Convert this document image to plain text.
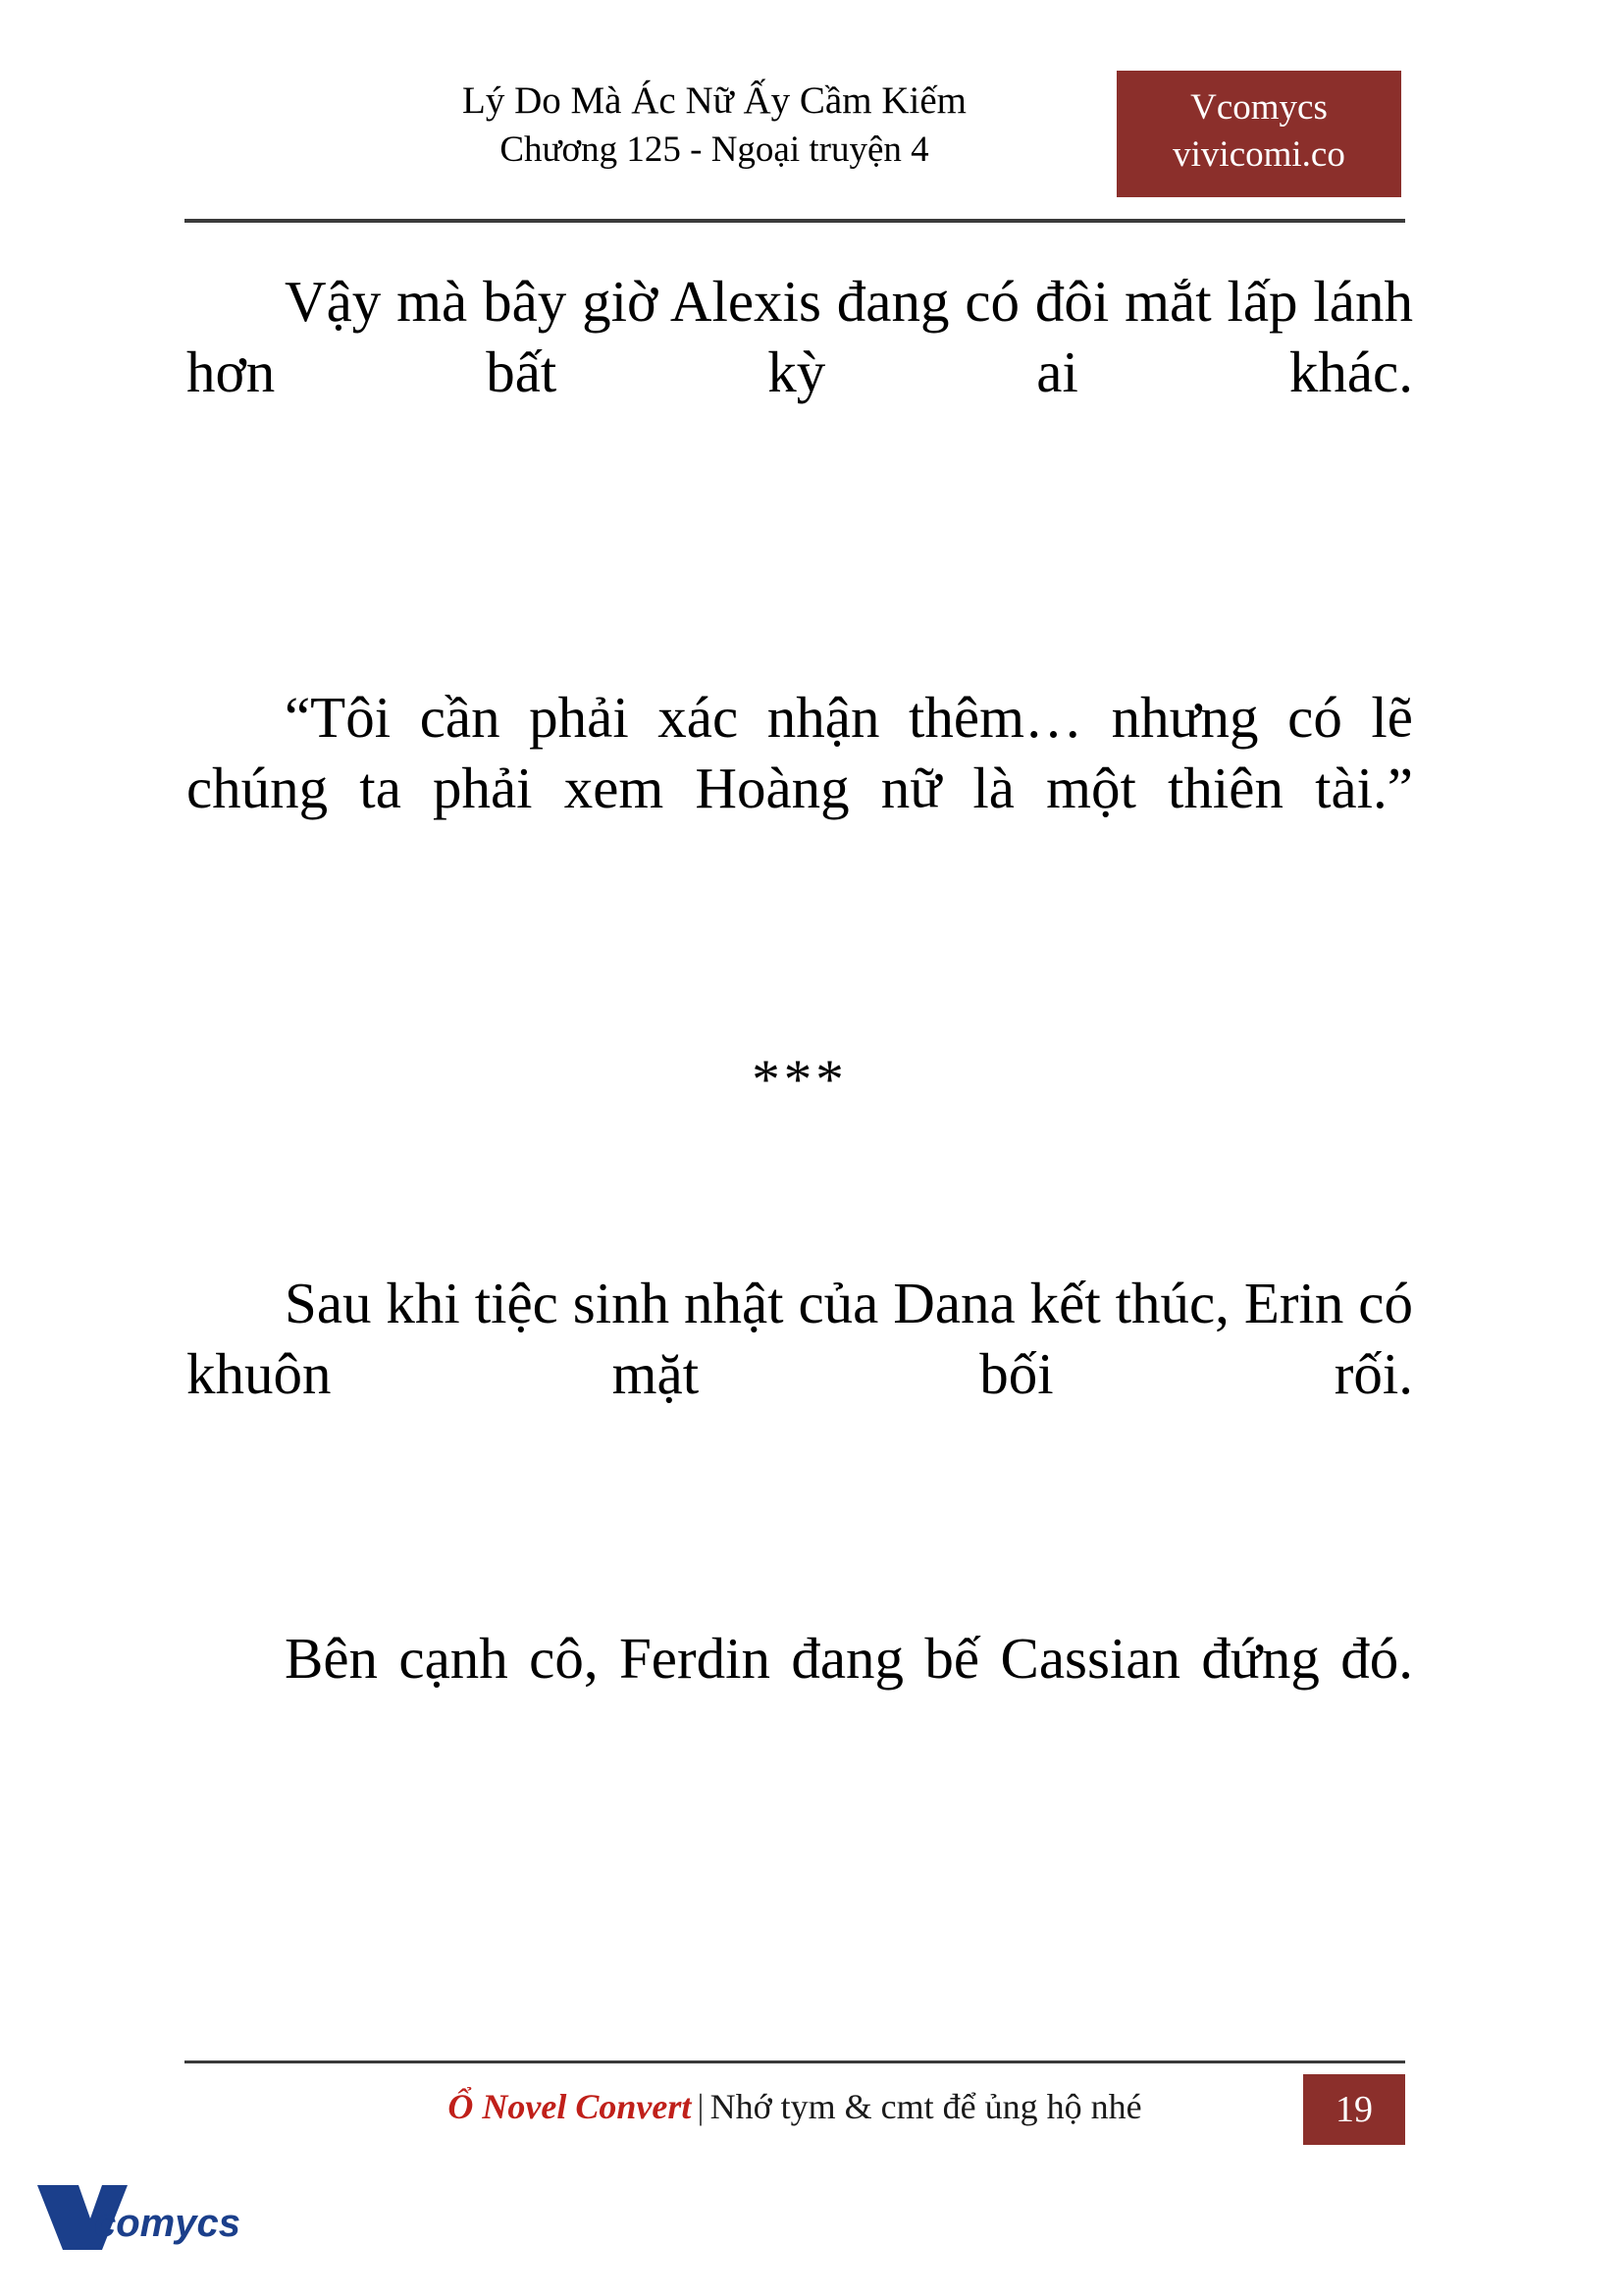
Lý Do Mà Ác Nữ Ấy Cầm Kiếm
Chương 125 - Ngoại truyện 4
Vcomycs
vivicomi.co

Vậy mà bây giờ Alexis đang có đôi mắt lấp lánh hơn bất kỳ ai khác.

“Tôi cần phải xác nhận thêm… nhưng có lẽ chúng ta phải xem Hoàng nữ là một thiên tài.”

***

Sau khi tiệc sinh nhật của Dana kết thúc, Erin có khuôn mặt bối rối.

Bên cạnh cô, Ferdin đang bế Cassian đứng đó.

Ổ Novel Convert | Nhớ tym & cmt để ủng hộ nhé	19
comycs
